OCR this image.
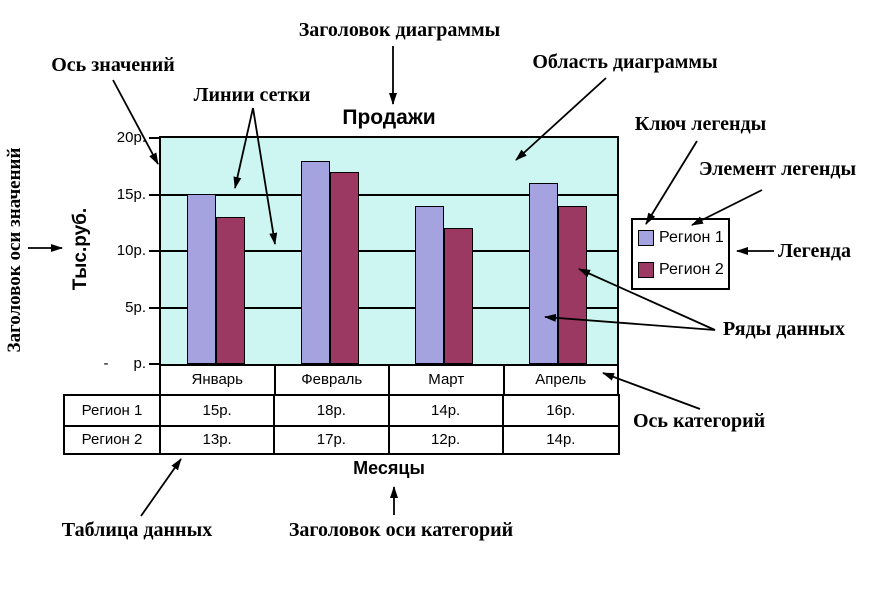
Заголовок оси значений Тыс.руб.
Продажи
Январь	Февраль	Март	Апрель
Регион 1	15р.	18р.	14р.	16р.
Регион 2	13р.	17р.	12р.	14р.
Месяцы
Регион 1
Регион 2
Заголовок диаграммы
Ось значений
Линии сетки
Область диаграммы
Ключ легенды
Элемент легенды
Легенда
Ряды данных
Ось категорий
Таблица данных	Заголовок оси категорий
20р.
15р.
10р.
5р.
-      р.
